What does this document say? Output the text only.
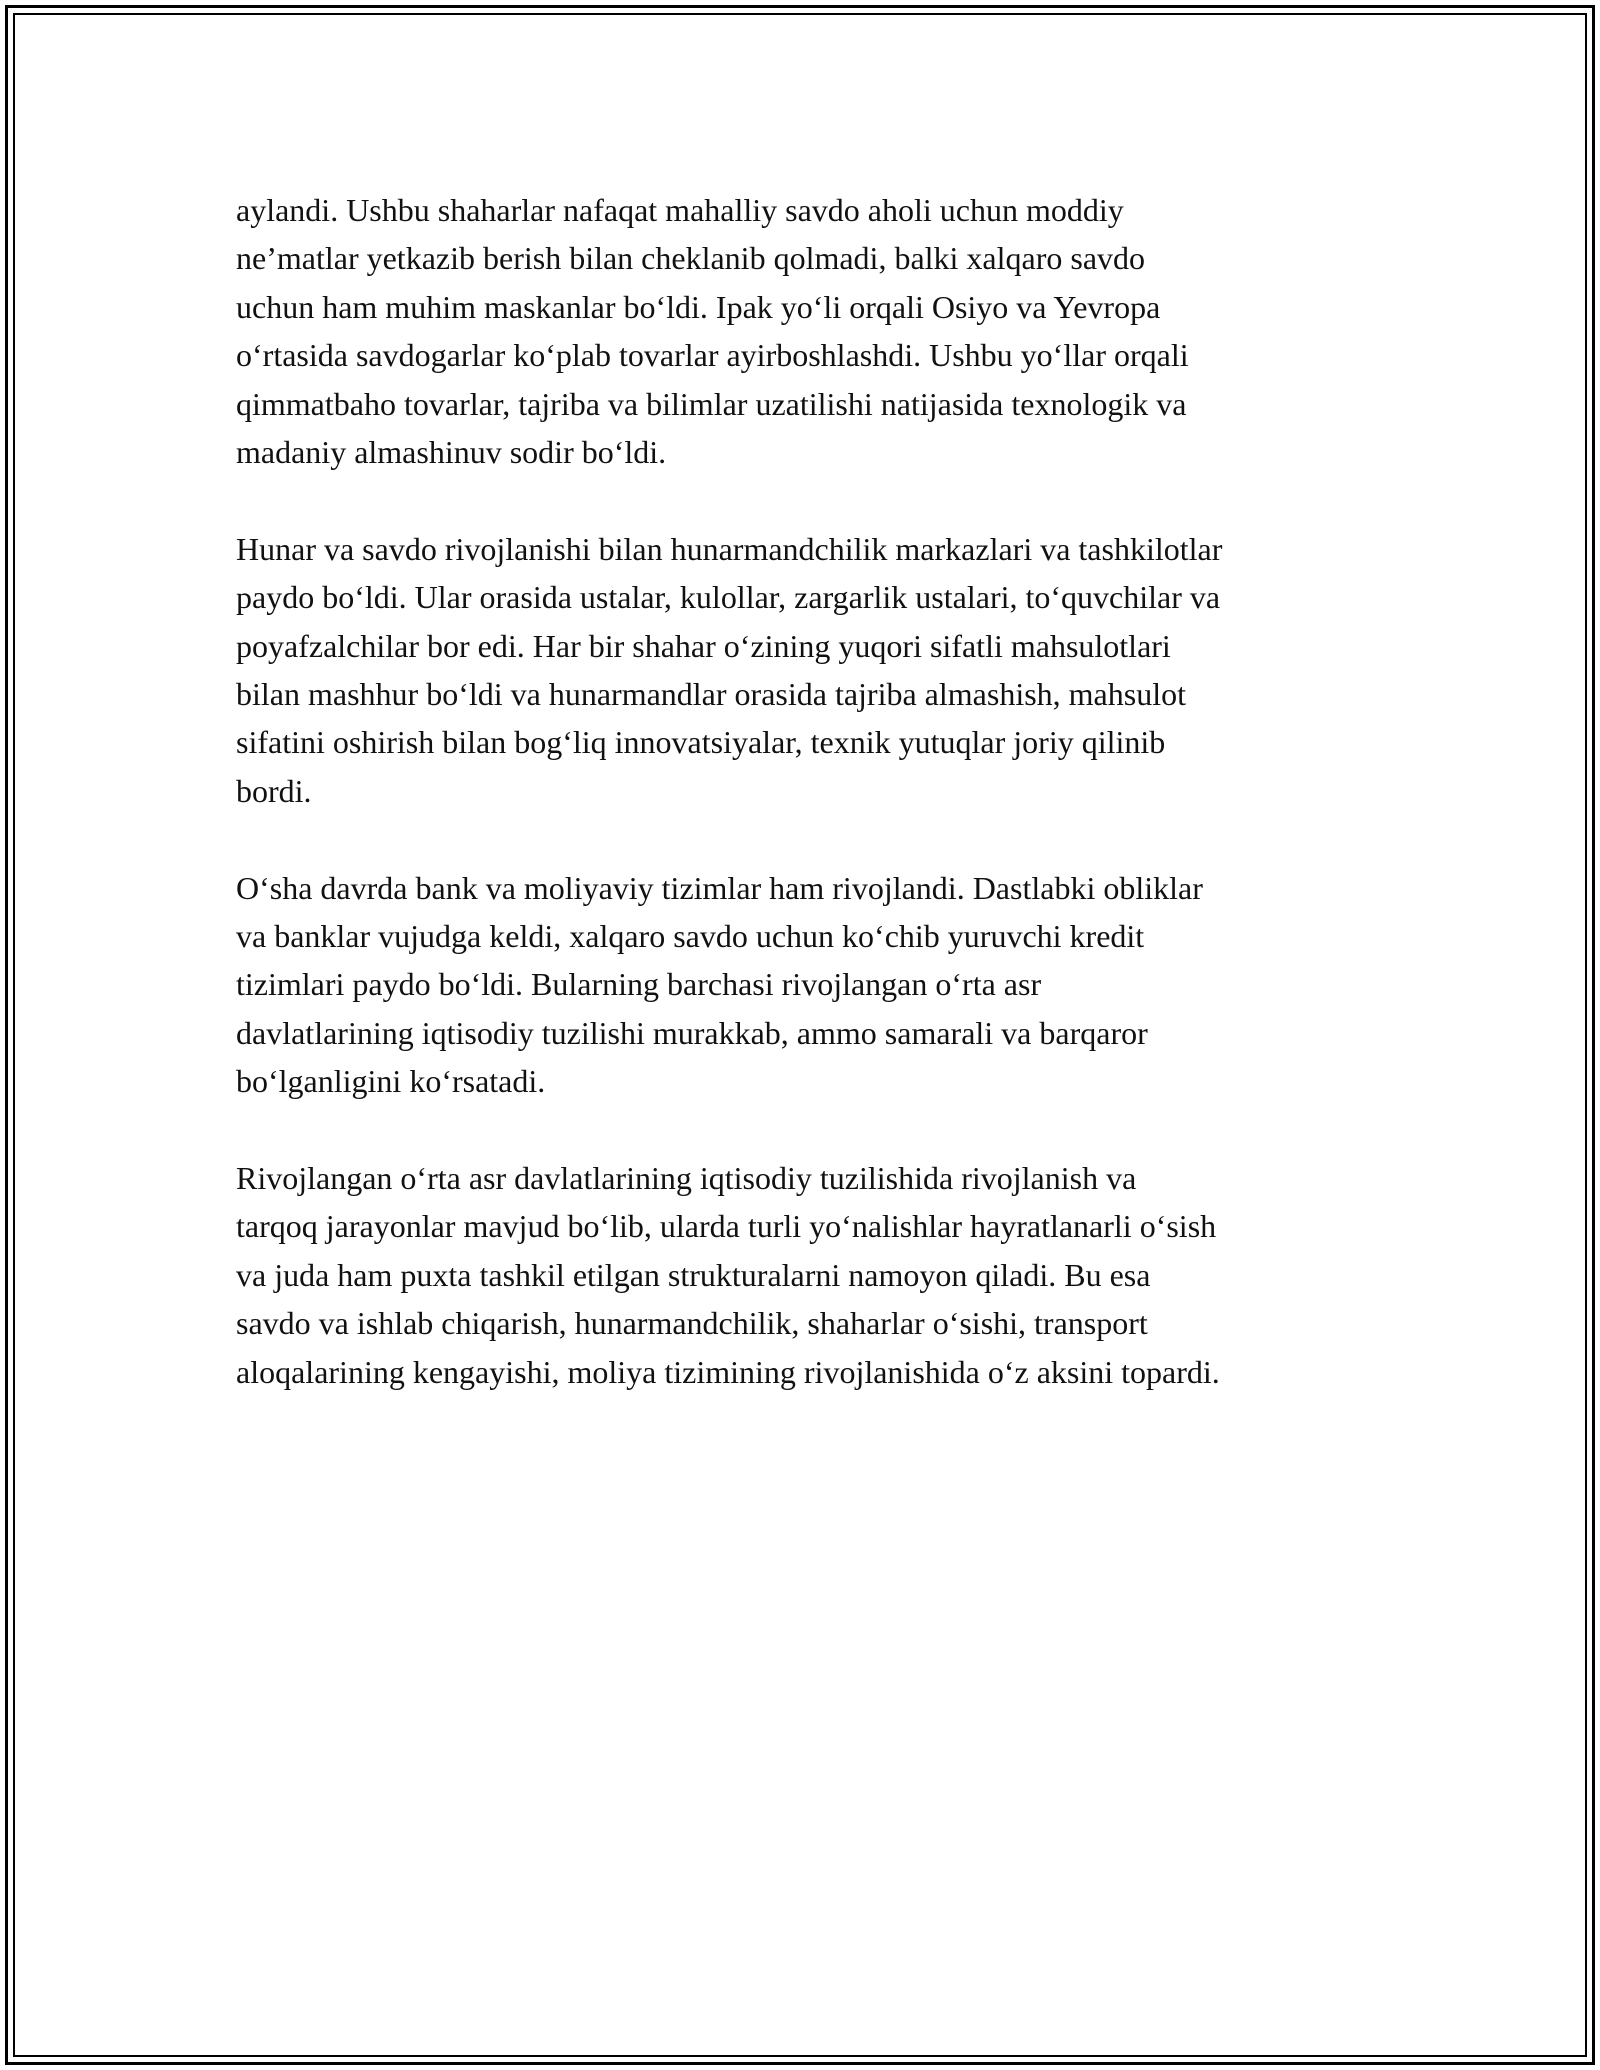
aylandi. Ushbu shaharlar nafaqat mahalliy savdo aholi uchun moddiy
ne’matlar yetkazib berish bilan cheklanib qolmadi, balki xalqaro savdo
uchun ham muhim maskanlar boʻldi. Ipak yoʻli orqali Osiyo va Yevropa
oʻrtasida savdogarlar koʻplab tovarlar ayirboshlashdi. Ushbu yoʻllar orqali
qimmatbaho tovarlar, tajriba va bilimlar uzatilishi natijasida texnologik va
madaniy almashinuv sodir boʻldi.

Hunar va savdo rivojlanishi bilan hunarmandchilik markazlari va tashkilotlar
paydo boʻldi. Ular orasida ustalar, kulollar, zargarlik ustalari, toʻquvchilar va
poyafzalchilar bor edi. Har bir shahar oʻzining yuqori sifatli mahsulotlari
bilan mashhur boʻldi va hunarmandlar orasida tajriba almashish, mahsulot
sifatini oshirish bilan bogʻliq innovatsiyalar, texnik yutuqlar joriy qilinib
bordi.

Oʻsha davrda bank va moliyaviy tizimlar ham rivojlandi. Dastlabki obliklar
va banklar vujudga keldi, xalqaro savdo uchun koʻchib yuruvchi kredit
tizimlari paydo boʻldi. Bularning barchasi rivojlangan oʻrta asr
davlatlarining iqtisodiy tuzilishi murakkab, ammo samarali va barqaror
boʻlganligini koʻrsatadi.

Rivojlangan oʻrta asr davlatlarining iqtisodiy tuzilishida rivojlanish va
tarqoq jarayonlar mavjud boʻlib, ularda turli yoʻnalishlar hayratlanarli oʻsish
va juda ham puxta tashkil etilgan strukturalarni namoyon qiladi. Bu esa
savdo va ishlab chiqarish, hunarmandchilik, shaharlar oʻsishi, transport
aloqalarining kengayishi, moliya tizimining rivojlanishida oʻz aksini topardi.
